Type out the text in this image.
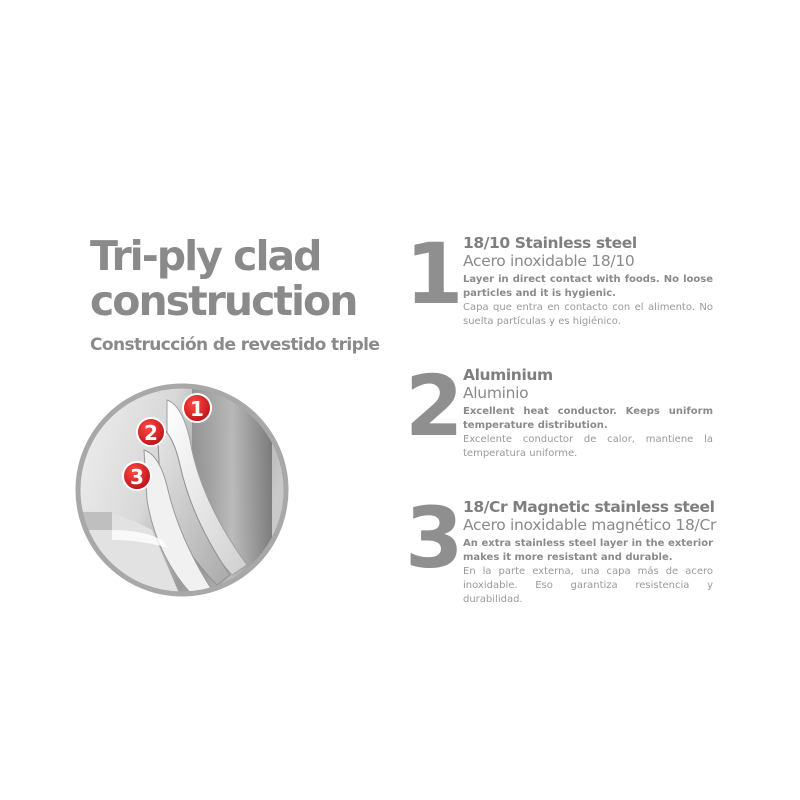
Tri-ply clad
construction
Construcción de revestido triple
1
2
3
1 18/10 Stainless steel
Acero inoxidable 18/10
Layer in direct contact with foods. No loose particles and it is hygienic.
Capa que entra en contacto con el alimento. No suelta partículas y es higiénico.
2 Aluminium
Aluminio
Excellent heat conductor. Keeps uniform temperature distribution.
Excelente conductor de calor, mantiene la temperatura uniforme.
3 18/Cr Magnetic stainless steel
Acero inoxidable magnético 18/Cr
An extra stainless steel layer in the exterior makes it more resistant and durable.
En la parte externa, una capa más de acero inoxidable. Eso garantiza resistencia y durabilidad.
